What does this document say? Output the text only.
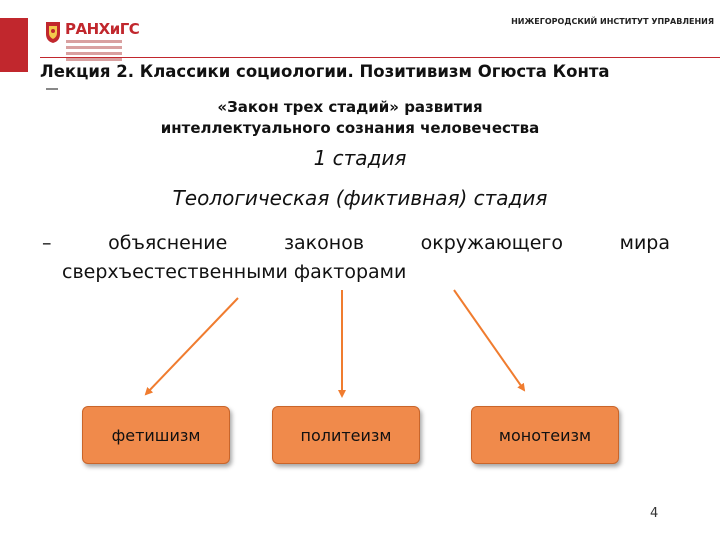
РАНХиГС	НИЖЕГОРОДСКИЙ ИНСТИТУТ УПРАВЛЕНИЯ
Лекция 2. Классики социологии. Позитивизм Огюста Конта
«Закон трех стадий» развития
интеллектуального сознания человечества
1 стадия
Теологическая (фиктивная) стадия
–	объяснение	законов	окружающего	мира
сверхъестественными факторами
фетишизм	политеизм	монотеизм
4
